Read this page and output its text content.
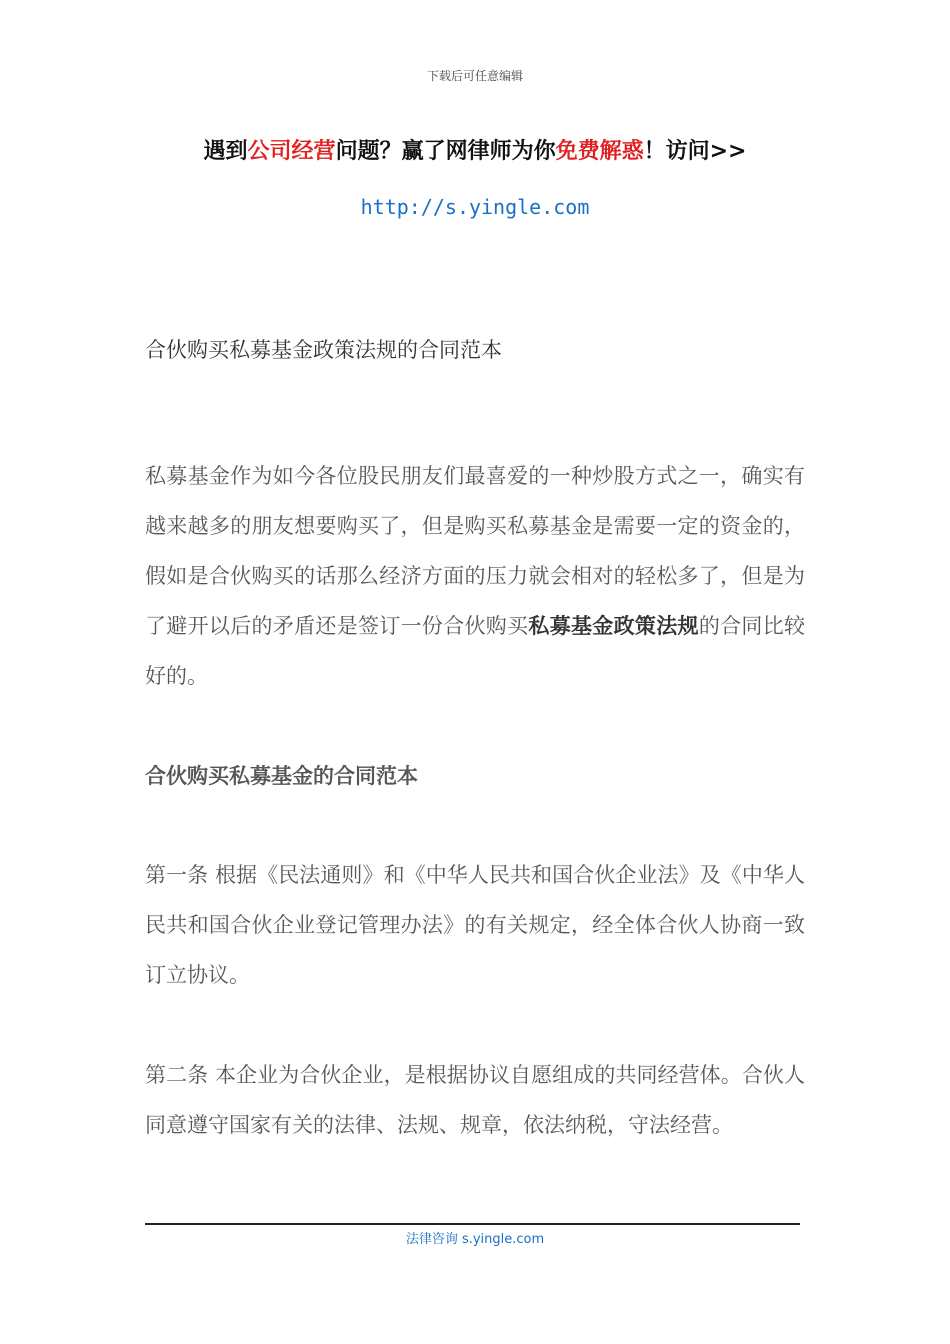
下载后可任意编辑
遇到公司经营问题？赢了网律师为你免费解惑！访问>>
http://s.yingle.com
合伙购买私募基金政策法规的合同范本
私募基金作为如今各位股民朋友们最喜爱的一种炒股方式之一，确实有越来越多的朋友想要购买了，但是购买私募基金是需要一定的资金的，假如是合伙购买的话那么经济方面的压力就会相对的轻松多了，但是为了避开以后的矛盾还是签订一份合伙购买私募基金政策法规的合同比较好的。
合伙购买私募基金的合同范本
第一条 根据《民法通则》和《中华人民共和国合伙企业法》及《中华人民共和国合伙企业登记管理办法》的有关规定，经全体合伙人协商一致订立协议。
第二条 本企业为合伙企业，是根据协议自愿组成的共同经营体。合伙人同意遵守国家有关的法律、法规、规章，依法纳税，守法经营。
法律咨询 s.yingle.com
